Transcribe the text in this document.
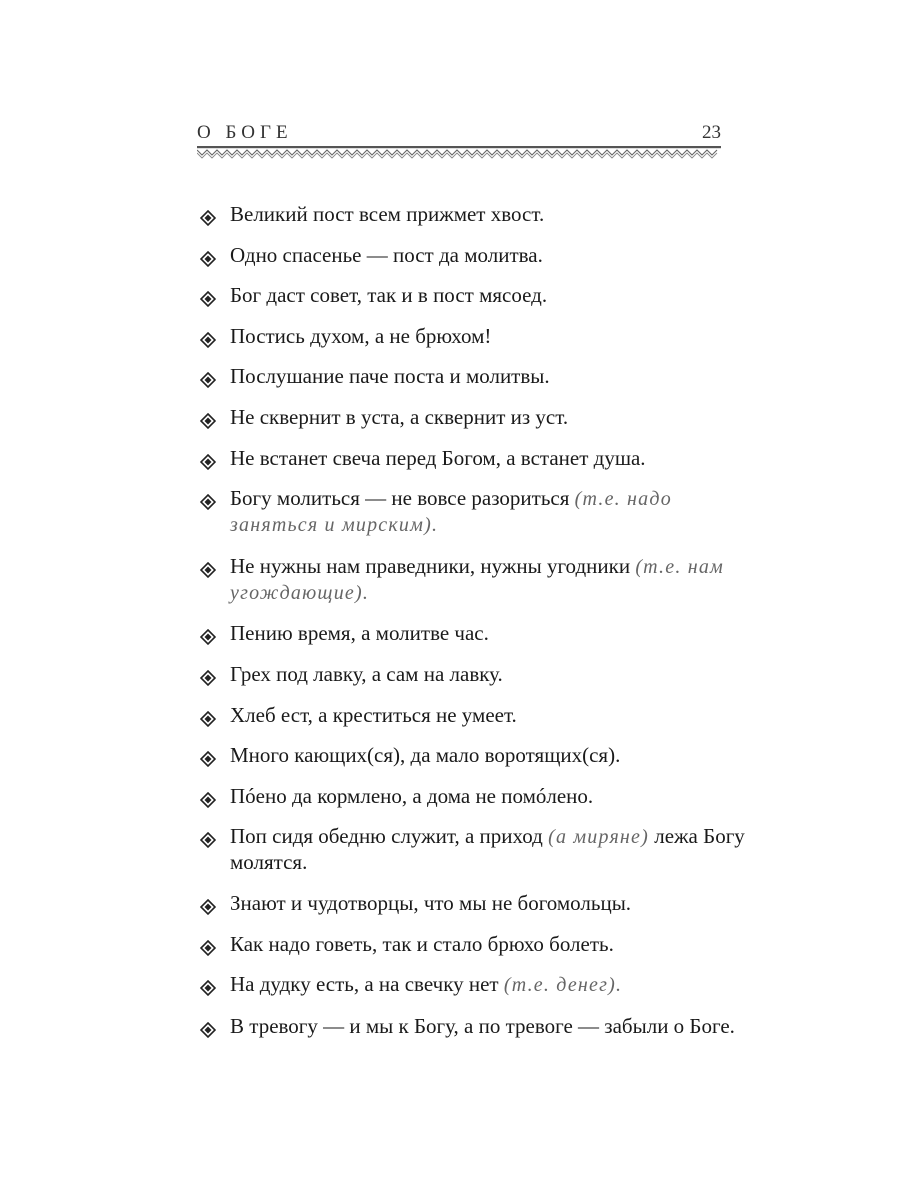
О БОГЕ	23
Великий пост всем прижмет хвост.
Одно спасенье — пост да молитва.
Бог даст совет, так и в пост мясоед.
Постись духом, а не брюхом!
Послушание паче поста и молитвы.
Не сквернит в уста, а сквернит из уст.
Не встанет свеча перед Богом, а встанет душа.
Богу молиться — не вовсе разориться (т.е. надо заняться и мирским).
Не нужны нам праведники, нужны угодники (т.е. нам угождающие).
Пению время, а молитве час.
Грех под лавку, а сам на лавку.
Хлеб ест, а креститься не умеет.
Много кающих(ся), да мало воротящих(ся).
Пóено да кормлено, а дома не помóлено.
Поп сидя обедню служит, а приход (а миряне) лежа Богу молятся.
Знают и чудотворцы, что мы не богомольцы.
Как надо говеть, так и стало брюхо болеть.
На дудку есть, а на свечку нет (т.е. денег).
В тревогу — и мы к Богу, а по тревоге — забыли о Боге.
